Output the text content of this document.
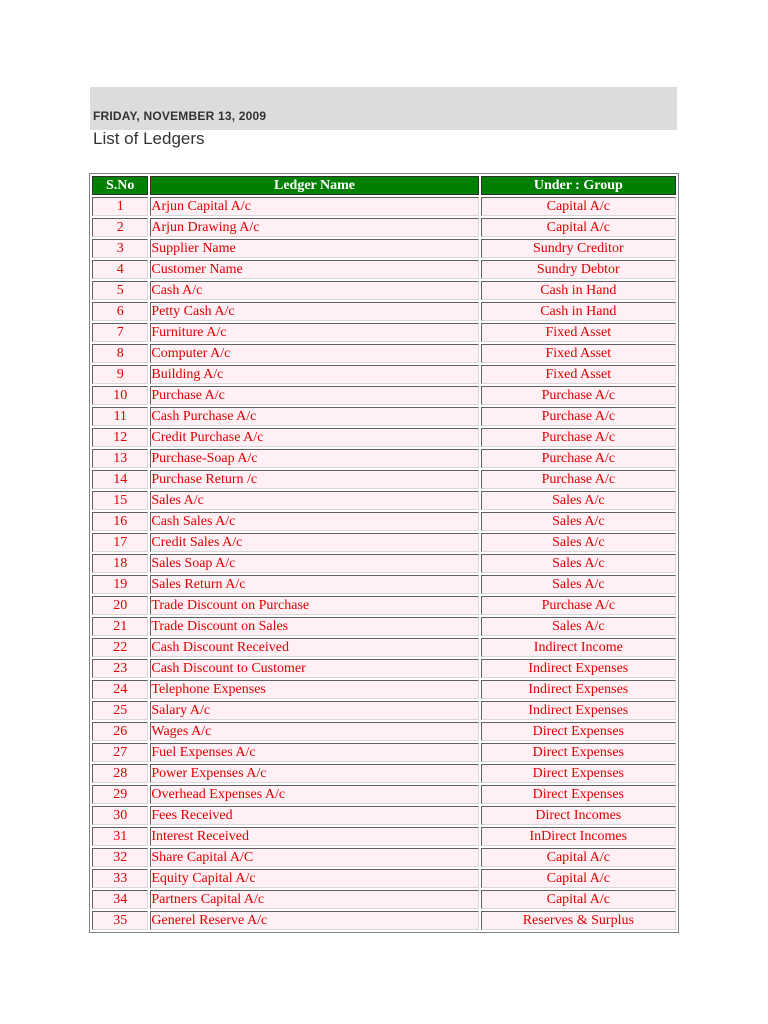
FRIDAY, NOVEMBER 13, 2009
List of Ledgers
S.No	Ledger Name	Under : Group
1	Arjun Capital A/c	Capital A/c
2	Arjun Drawing A/c	Capital A/c
3	Supplier Name	Sundry Creditor
4	Customer Name	Sundry Debtor
5	Cash A/c	Cash in Hand
6	Petty Cash A/c	Cash in Hand
7	Furniture A/c	Fixed Asset
8	Computer A/c	Fixed Asset
9	Building A/c	Fixed Asset
10	Purchase A/c	Purchase A/c
11	Cash Purchase A/c	Purchase A/c
12	Credit Purchase A/c	Purchase A/c
13	Purchase-Soap A/c	Purchase A/c
14	Purchase Return /c	Purchase A/c
15	Sales A/c	Sales A/c
16	Cash Sales A/c	Sales A/c
17	Credit Sales A/c	Sales A/c
18	Sales Soap A/c	Sales A/c
19	Sales Return A/c	Sales A/c
20	Trade Discount on Purchase	Purchase A/c
21	Trade Discount on Sales	Sales A/c
22	Cash Discount Received	Indirect Income
23	Cash Discount to Customer	Indirect Expenses
24	Telephone Expenses	Indirect Expenses
25	Salary A/c	Indirect Expenses
26	Wages A/c	Direct Expenses
27	Fuel Expenses A/c	Direct Expenses
28	Power Expenses A/c	Direct Expenses
29	Overhead Expenses A/c	Direct Expenses
30	Fees Received	Direct Incomes
31	Interest Received	InDirect Incomes
32	Share Capital A/C	Capital A/c
33	Equity Capital A/c	Capital A/c
34	Partners Capital A/c	Capital A/c
35	Generel Reserve A/c	Reserves & Surplus
